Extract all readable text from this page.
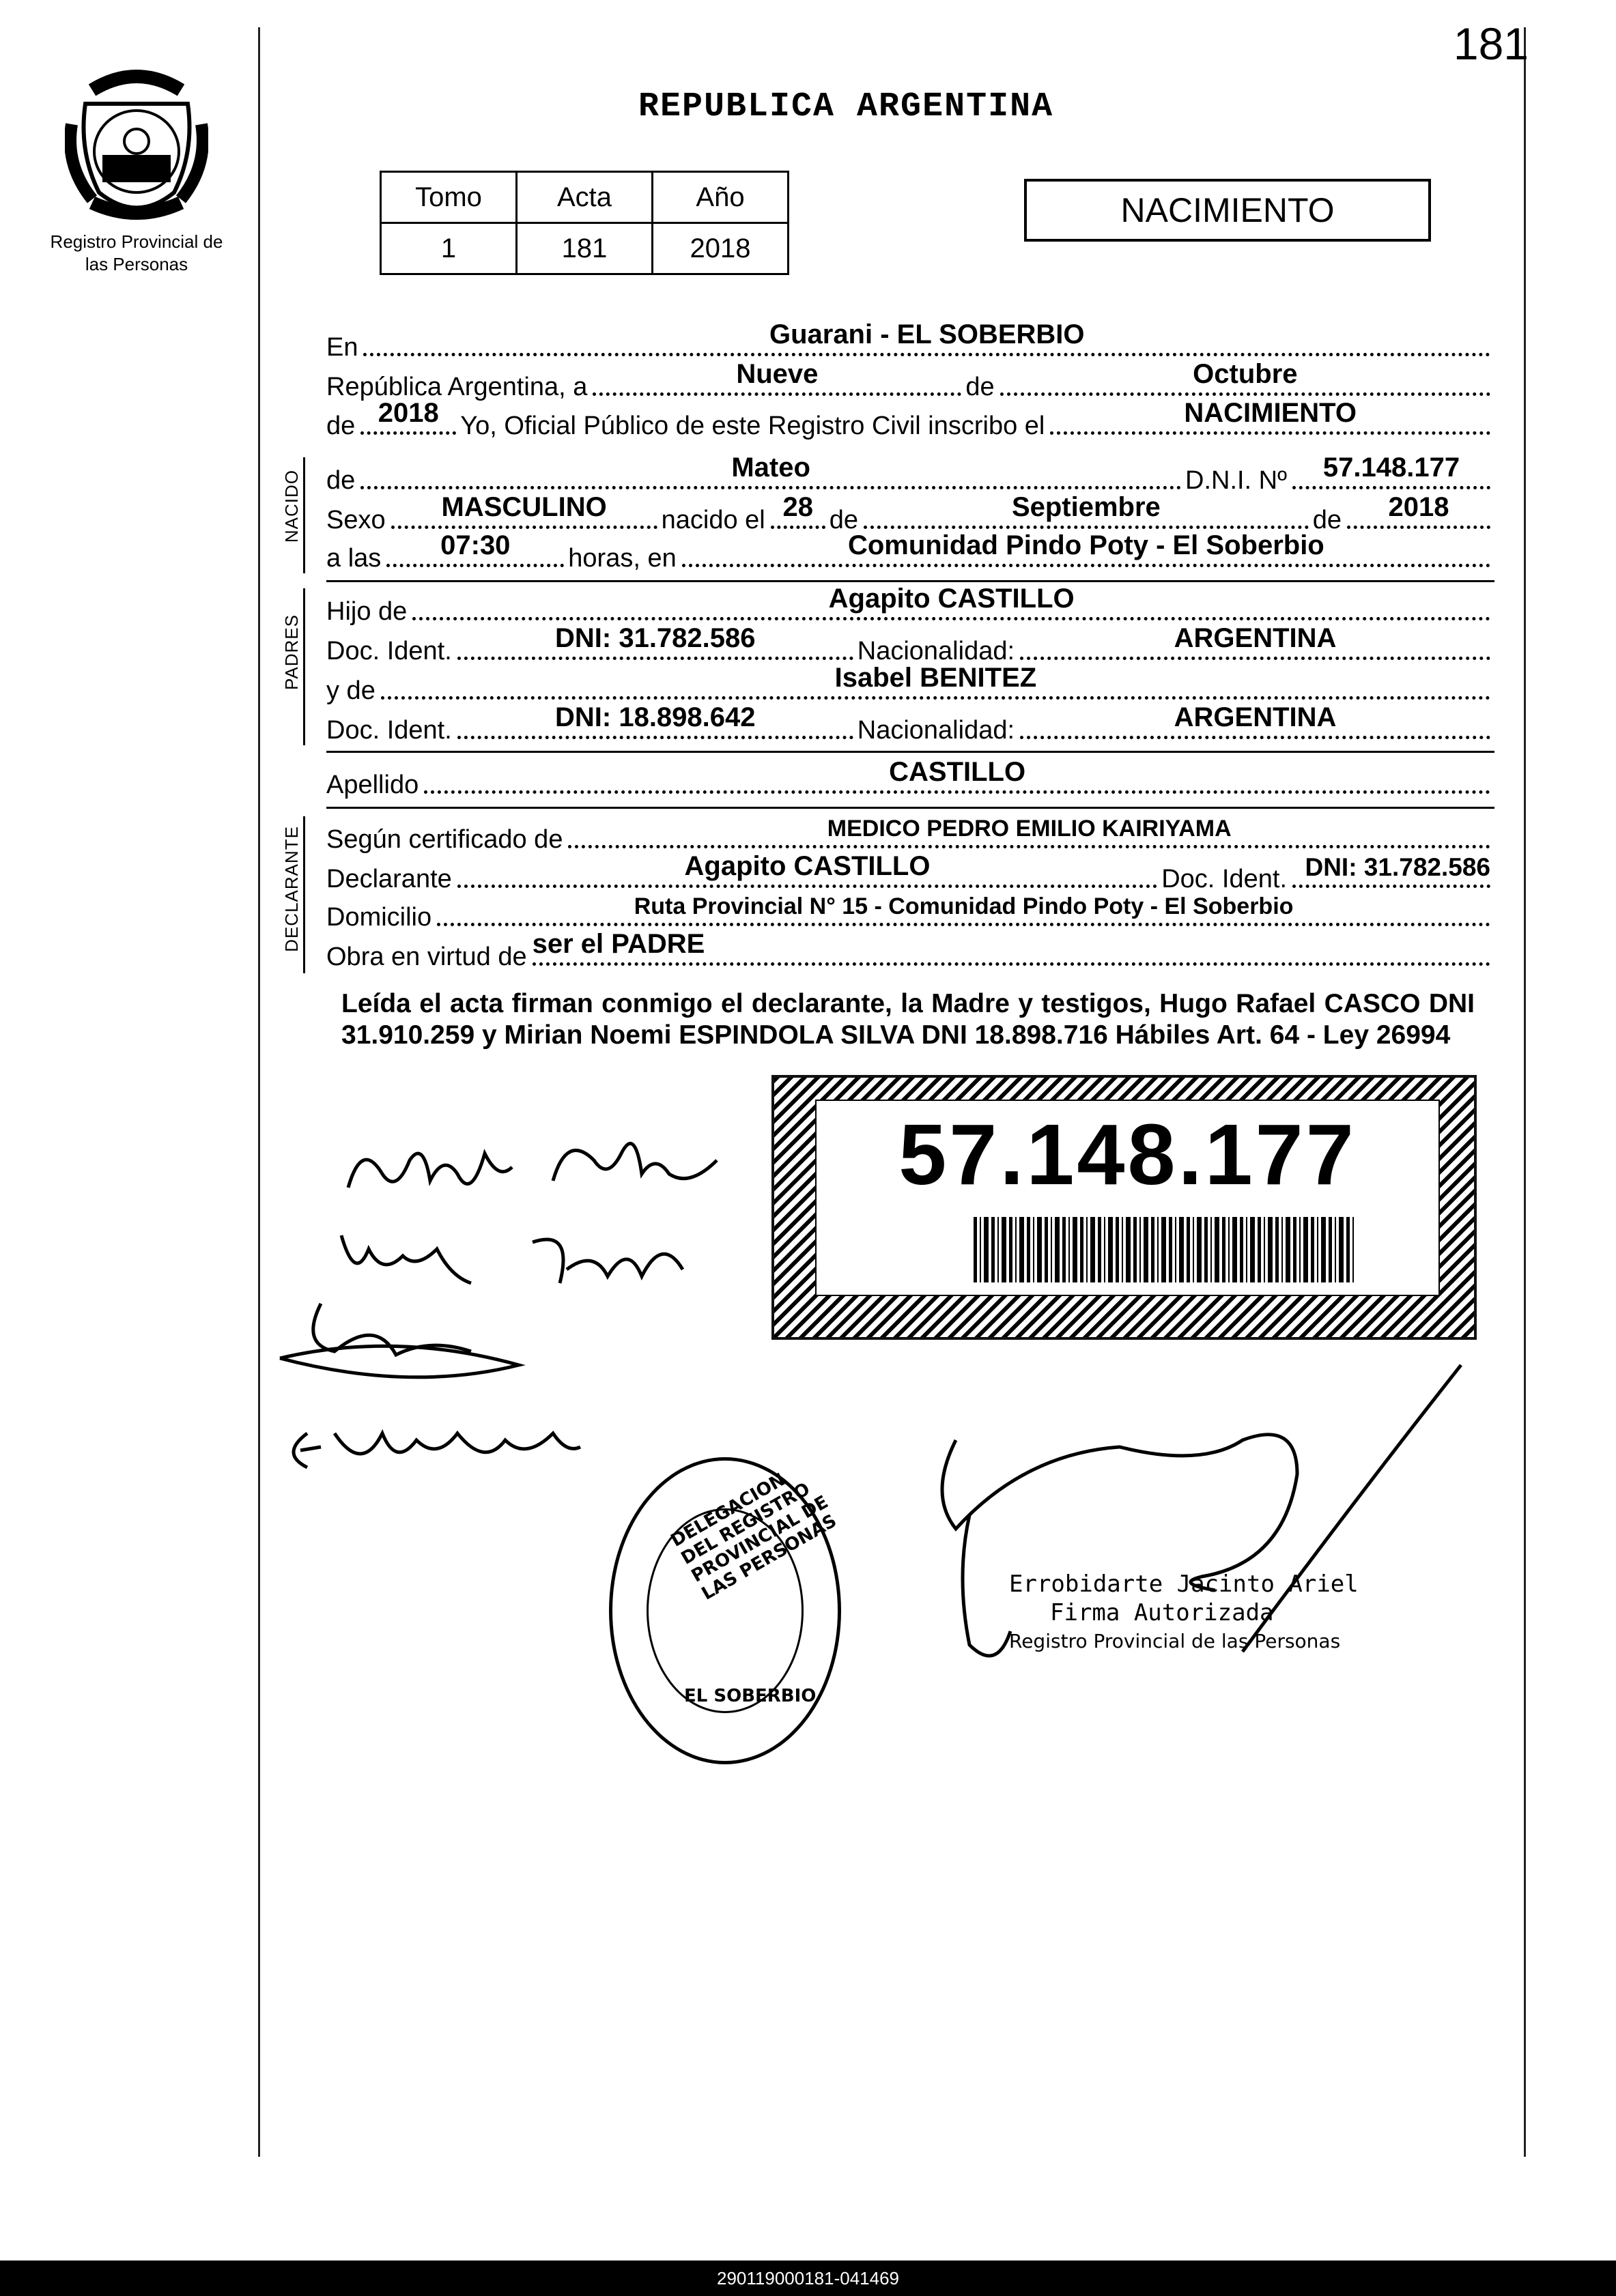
181
Registro Provincial de las Personas
REPUBLICA ARGENTINA
Tomo	Acta	Año
1	181	2018
NACIMIENTO
En	Guarani - EL SOBERBIO
República Argentina, a	Nueve	de	Octubre
de 2018 Yo, Oficial Público de este Registro Civil inscribo el	NACIMIENTO
NACIDO de	Mateo	D.N.I. Nº	57.148.177
Sexo	MASCULINO	nacido el 28 de	Septiembre	de	2018
a las	07:30	horas, en	Comunidad Pindo Poty - El Soberbio
PADRES
Hijo de	Agapito CASTILLO
Doc. Ident.	DNI: 31.782.586	Nacionalidad:	ARGENTINA
y de	Isabel BENITEZ
Doc. Ident.	DNI: 18.898.642	Nacionalidad:	ARGENTINA
Apellido	CASTILLO
DECLARANTE Según certificado de	MEDICO PEDRO EMILIO KAIRIYAMA
Declarante	Agapito CASTILLO	Doc. Ident. DNI: 31.782.586
Domicilio	Ruta Provincial N° 15 - Comunidad Pindo Poty - El Soberbio
Obra en virtud de ser el PADRE
Leída el acta firman conmigo el declarante, la Madre y testigos, Hugo Rafael CASCO DNI 31.910.259 y Mirian Noemi ESPINDOLA SILVA DNI 18.898.716 Hábiles Art. 64 - Ley 26994
57.148.177
DELEGACION DEL REGISTRO PROVINCIAL DE LAS PERSONAS
EL SOBERBIO
Errobidarte Jacinto Ariel
Firma Autorizada
Registro Provincial de las Personas
290119000181-041469
